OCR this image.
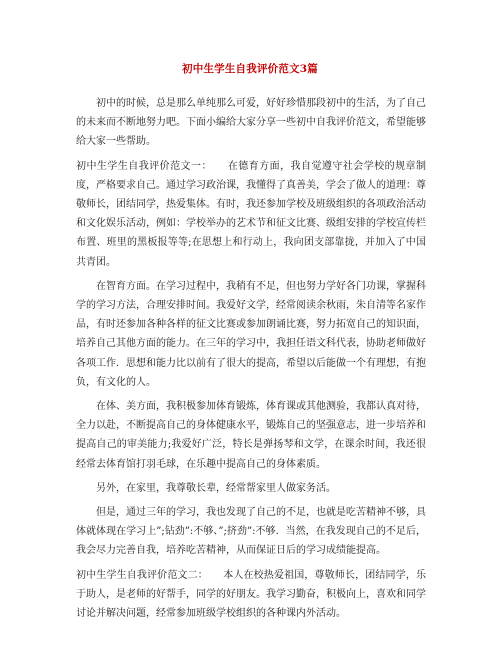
初中生学生自我评价范文3篇

初中的时候，总是那么单纯那么可爱，好好珍惜那段初中的生活，为了自己的未来而不断地努力吧。下面小编给大家分享一些初中自我评价范文，希望能够给大家一些帮助。

初中生学生自我评价范文一：　　在德育方面，我自觉遵守社会学校的规章制度，严格要求自己。通过学习政治课，我懂得了真善美，学会了做人的道理：尊敬师长，团结同学，热爱集体。有时，我还参加学校及班级组织的各项政治活动和文化娱乐活动，例如：学校举办的艺术节和征文比赛、级组安排的学校宣传栏布置、班里的黑板报等等;在思想上和行动上，我向团支部靠拢，并加入了中国共青团。

在智育方面。在学习过程中，我稍有不足，但也努力学好各门功课，掌握科学的学习方法，合理安排时间。我爱好文学，经常阅读余秋雨，朱自清等名家作品，有时还参加各种各样的征文比赛或参加朗诵比赛，努力拓宽自己的知识面，培养自己其他方面的能力。在三年的学习中，我担任语文科代表，协助老师做好各项工作．思想和能力比以前有了很大的提高，希望以后能做一个有理想，有抱负，有文化的人。

在体、美方面，我积极参加体育锻炼，体育课或其他测验，我都认真对待，全力以赴，不断提高自己的身体健康水平，锻炼自己的坚强意志，进一步培养和提高自己的审美能力;我爱好广泛，特长是弹扬琴和文学，在课余时间，我还很经常去体育馆打羽毛球，在乐趣中提高自己的身体素质。

另外，在家里，我尊敬长辈，经常帮家里人做家务活。

但是，通过三年的学习，我也发现了自己的不足，也就是吃苦精神不够，具体就体现在学习上”;钻劲”:不够、”;挤劲”:不够．当然，在我发现自己的不足后，我会尽力完善自我，培养吃苦精神，从而保证日后的学习成绩能提高。

初中生学生自我评价范文二：　　本人在校热爱祖国，尊敬师长，团结同学，乐于助人，是老师的好帮手，同学的好朋友。我学习勤奋，积极向上，喜欢和同学讨论并解决问题，经常参加班级学校组织的各种课内外活动。
